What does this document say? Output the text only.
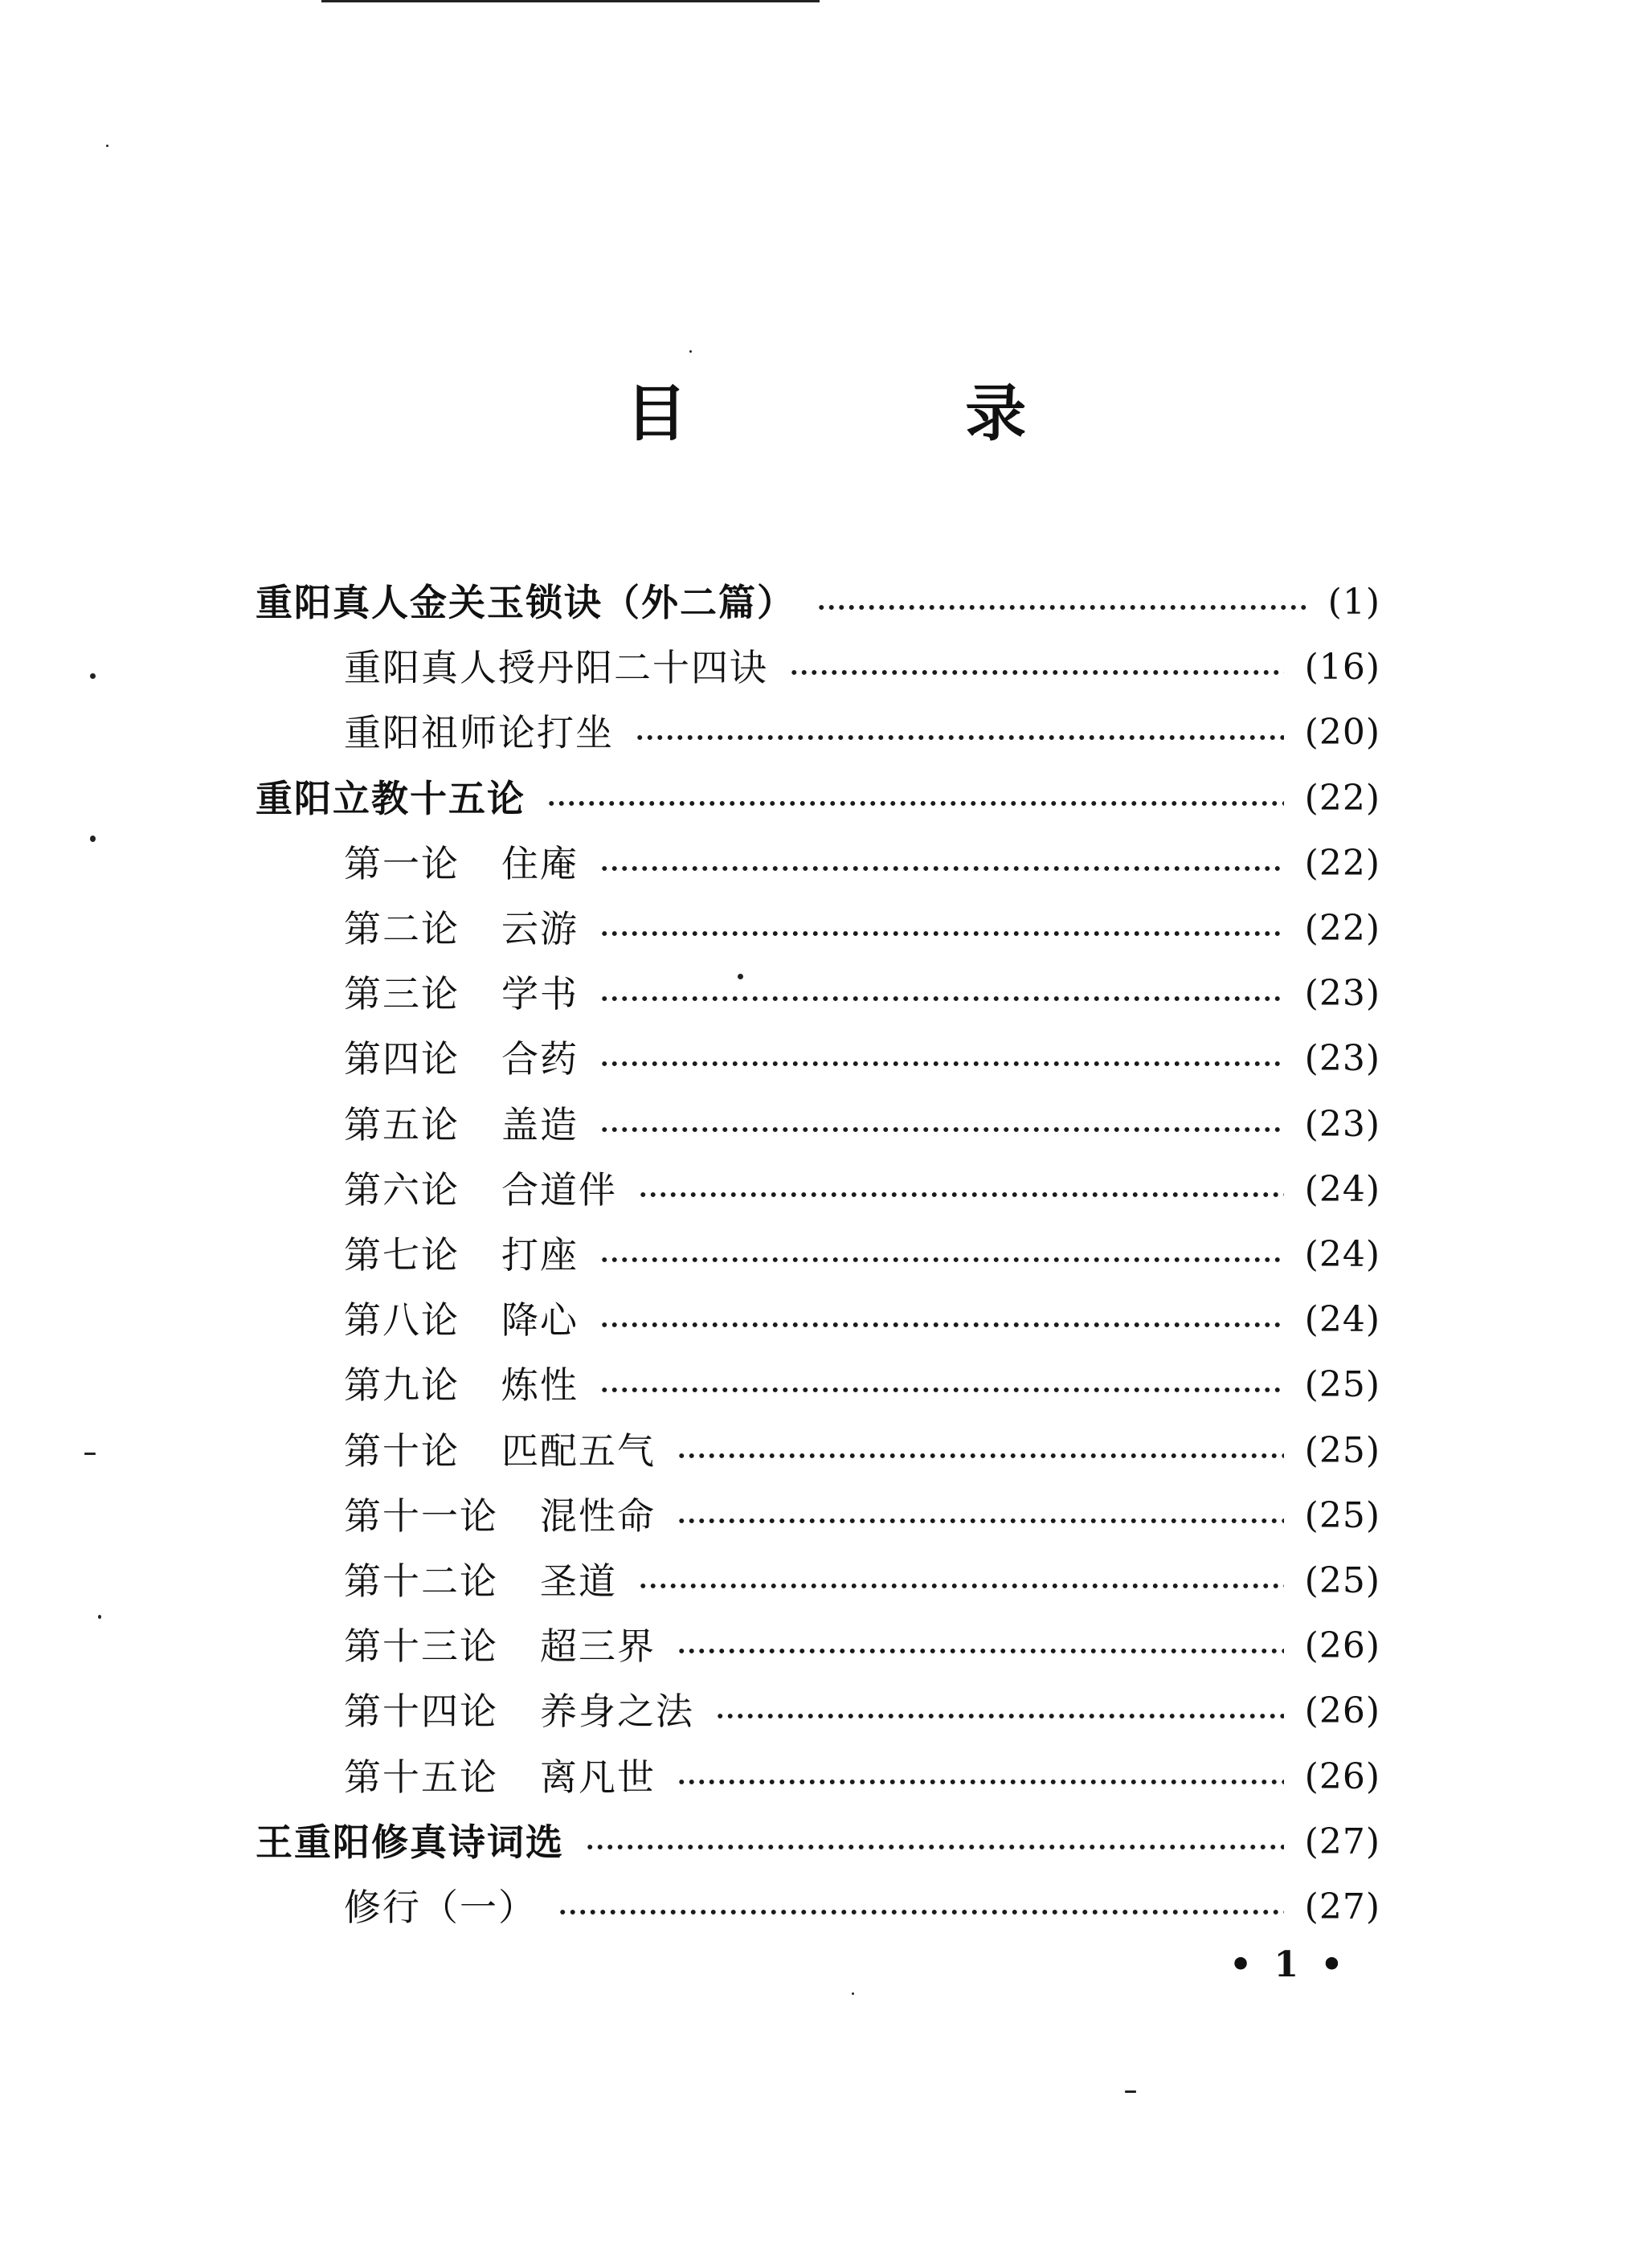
目 录
重阳真人金关玉锁诀（外二篇）	(1)
重阳真人授丹阳二十四诀	(16)
重阳祖师论打坐	(20)
重阳立教十五论	(22)
第一论 住庵	(22)
第二论 云游	(22)
第三论 学书	(23)
第四论 合药	(23)
第五论 盖造	(23)
第六论 合道伴	(24)
第七论 打座	(24)
第八论 降心	(24)
第九论 炼性	(25)
第十论 匹配五气	(25)
第十一论 混性命	(25)
第十二论 圣道	(25)
第十三论 超三界	(26)
第十四论 养身之法	(26)
第十五论 离凡世	(26)
王重阳修真诗词选	(27)
修行（一）	(27)
• 1 •
